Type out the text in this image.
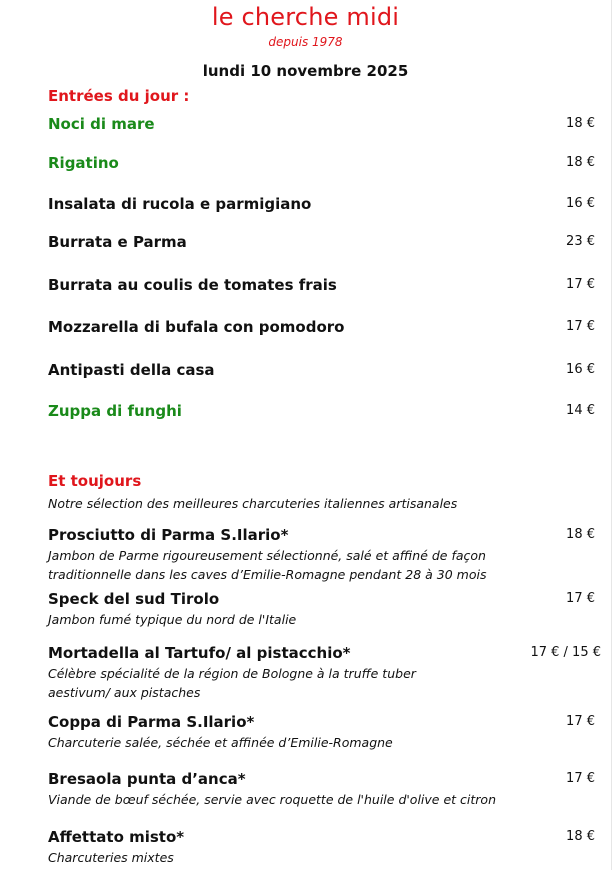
le cherche midi
depuis 1978
lundi 10 novembre 2025
Entrées du jour :
Noci di mare	18 €
Rigatino	18 €
Insalata di rucola e parmigiano	16 €
Burrata e Parma	23 €
Burrata au coulis de tomates frais	17 €
Mozzarella di bufala con pomodoro	17 €
Antipasti della casa	16 €
Zuppa di funghi	14 €
Et toujours
Notre sélection des meilleures charcuteries italiennes artisanales
Prosciutto di Parma S.Ilario*	18 €
Jambon de Parme rigoureusement sélectionné, salé et affiné de façon traditionnelle dans les caves d’Emilie-Romagne pendant 28 à 30 mois
Speck del sud Tirolo	17 €
Jambon fumé typique du nord de l'Italie
Mortadella al Tartufo/ al pistacchio*	17 € / 15 €
Célèbre spécialité de la région de Bologne à la truffe tuber aestivum/ aux pistaches
Coppa di Parma S.Ilario*	17 €
Charcuterie salée, séchée et affinée d’Emilie-Romagne
Bresaola punta d’anca*	17 €
Viande de bœuf séchée, servie avec roquette de l'huile d'olive et citron
Affettato misto*	18 €
Charcuteries mixtes
